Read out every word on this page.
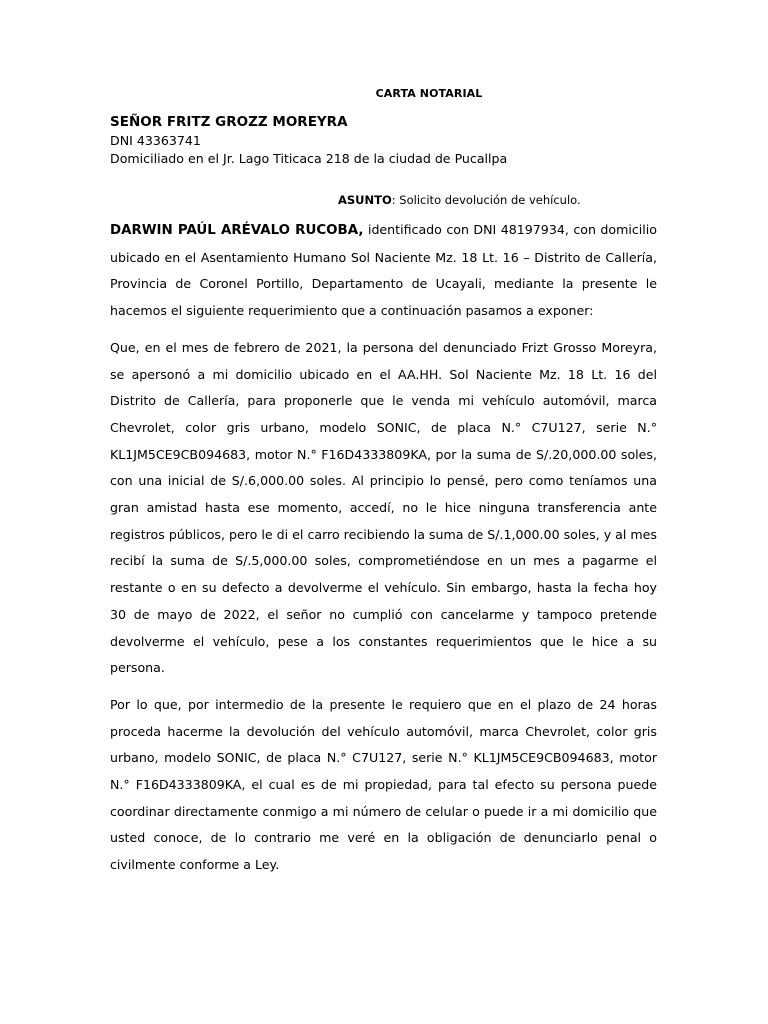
CARTA NOTARIAL
SEÑOR FRITZ GROZZ MOREYRA
DNI 43363741
Domiciliado en el Jr. Lago Titicaca 218 de la ciudad de Pucallpa
ASUNTO: Solicito devolución de vehículo.

DARWIN PAÚL ARÉVALO RUCOBA, identificado con DNI 48197934, con domicilio ubicado en el Asentamiento Humano Sol Naciente Mz. 18 Lt. 16 – Distrito de Callería, Provincia de Coronel Portillo, Departamento de Ucayali, mediante la presente le hacemos el siguiente requerimiento que a continuación pasamos a exponer:

Que, en el mes de febrero de 2021, la persona del denunciado Frizt Grosso Moreyra, se apersonó a mi domicilio ubicado en el AA.HH. Sol Naciente Mz. 18 Lt. 16 del Distrito de Callería, para proponerle que le venda mi vehículo automóvil, marca Chevrolet, color gris urbano, modelo SONIC, de placa N.° C7U127, serie N.° KL1JM5CE9CB094683, motor N.° F16D4333809KA, por la suma de S/.20,000.00 soles, con una inicial de S/.6,000.00 soles. Al principio lo pensé, pero como teníamos una gran amistad hasta ese momento, accedí, no le hice ninguna transferencia ante registros públicos, pero le di el carro recibiendo la suma de S/.1,000.00 soles, y al mes recibí la suma de S/.5,000.00 soles, comprometiéndose en un mes a pagarme el restante o en su defecto a devolverme el vehículo. Sin embargo, hasta la fecha hoy 30 de mayo de 2022, el señor no cumplió con cancelarme y tampoco pretende devolverme el vehículo, pese a los constantes requerimientos que le hice a su persona.

Por lo que, por intermedio de la presente le requiero que en el plazo de 24 horas proceda hacerme la devolución del vehículo automóvil, marca Chevrolet, color gris urbano, modelo SONIC, de placa N.° C7U127, serie N.° KL1JM5CE9CB094683, motor N.° F16D4333809KA, el cual es de mi propiedad, para tal efecto su persona puede coordinar directamente conmigo a mi número de celular o puede ir a mi domicilio que usted conoce, de lo contrario me veré en la obligación de denunciarlo penal o civilmente conforme a Ley.
